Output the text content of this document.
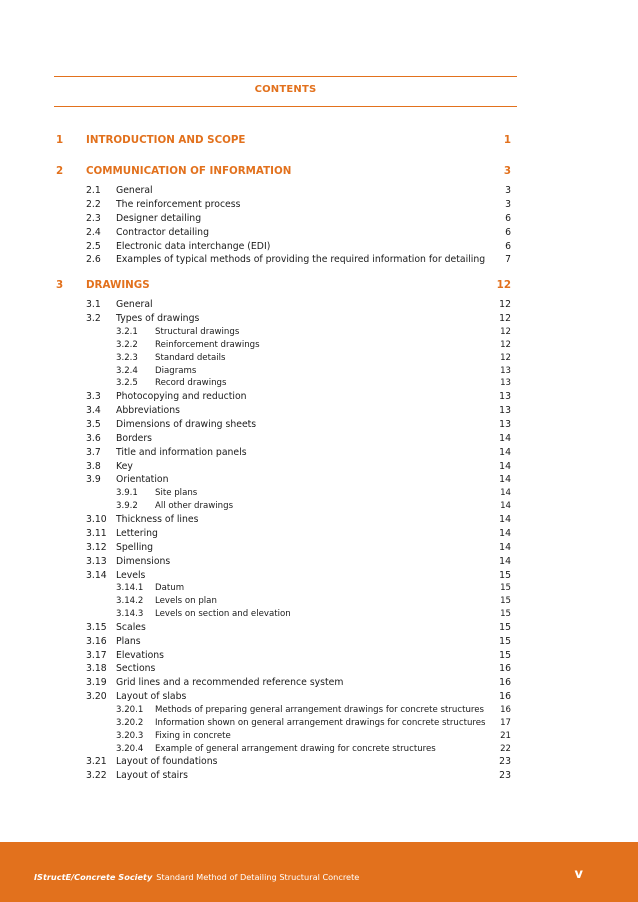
CONTENTS
1 INTRODUCTION AND SCOPE	1
2 COMMUNICATION OF INFORMATION	3
2.1 General	3
2.2 The reinforcement process	3
2.3 Designer detailing	6
2.4 Contractor detailing	6
2.5 Electronic data interchange (EDI)	6
2.6 Examples of typical methods of providing the required information for detailing 7
3 DRAWINGS	12
3.1 General	12
3.2 Types of drawings	12
3.2.1 Structural drawings	12
3.2.2 Reinforcement drawings	12
3.2.3 Standard details	12
3.2.4 Diagrams	13
3.2.5 Record drawings	13
3.3 Photocopying and reduction	13
3.4 Abbreviations	13
3.5 Dimensions of drawing sheets	13
3.6 Borders	14
3.7 Title and information panels	14
3.8 Key	14
3.9 Orientation	14
3.9.1 Site plans	14
3.9.2 All other drawings	14
3.10 Thickness of lines	14
3.11 Lettering	14
3.12 Spelling	14
3.13 Dimensions	14
3.14 Levels	15
3.14.1 Datum	15
3.14.2 Levels on plan	15
3.14.3 Levels on section and elevation	15
3.15 Scales	15
3.16 Plans	15
3.17 Elevations	15
3.18 Sections	16
3.19 Grid lines and a recommended reference system	16
3.20 Layout of slabs	16
3.20.1 Methods of preparing general arrangement drawings for concrete structures 16
3.20.2 Information shown on general arrangement drawings for concrete structures 17
3.20.3 Fixing in concrete	21
3.20.4 Example of general arrangement drawing for concrete structures	22
3.21 Layout of foundations	23
3.22 Layout of stairs	23
IStructE/Concrete Society Standard Method of Detailing Structural Concrete	v
